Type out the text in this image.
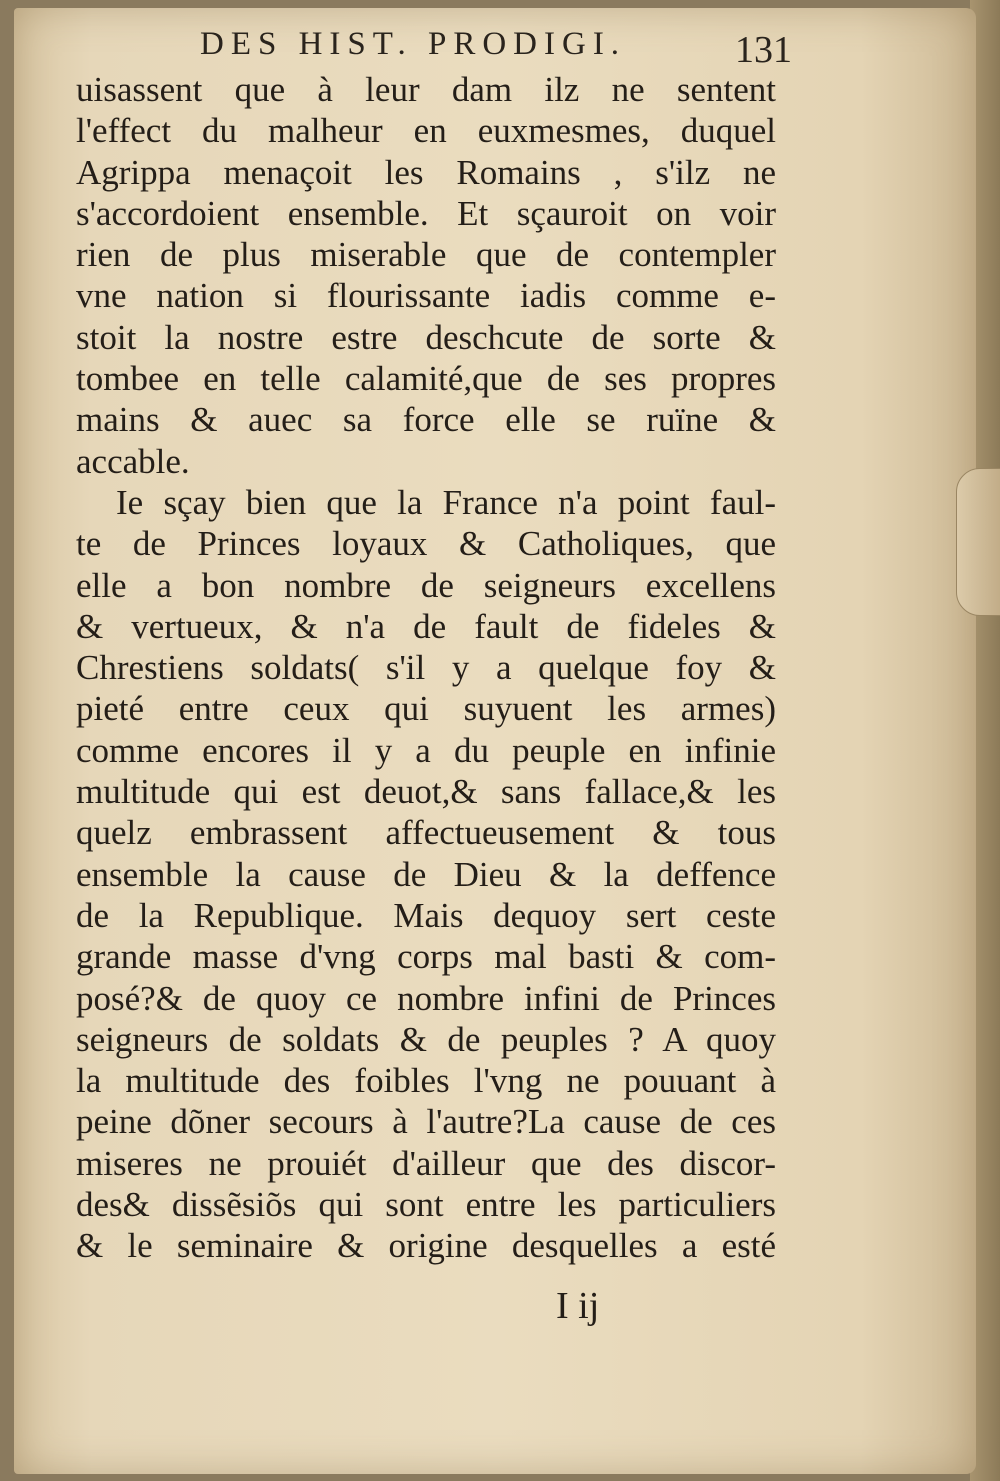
DES HIST. PRODIGI.	131
uisassent que à leur dam ilz ne sentent
l'effect du malheur en euxmesmes, duquel
Agrippa menaçoit les Romains , s'ilz ne
s'accordoient ensemble. Et sçauroit on voir
rien de plus miserable que de contempler
vne nation si flourissante iadis comme e-
stoit la nostre estre deschcute de sorte &
tombee en telle calamité,que de ses propres
mains & auec sa force elle se ruïne &
accable.
Ie sçay bien que la France n'a point faul-
te de Princes loyaux & Catholiques, que
elle a bon nombre de seigneurs excellens
& vertueux, & n'a de fault de fideles &
Chrestiens soldats( s'il y a quelque foy &
pieté entre ceux qui suyuent les armes)
comme encores il y a du peuple en infinie
multitude qui est deuot,& sans fallace,& les
quelz embrassent affectueusement & tous
ensemble la cause de Dieu & la deffence
de la Republique. Mais dequoy sert ceste
grande masse d'vng corps mal basti & com-
posé?& de quoy ce nombre infini de Princes
seigneurs de soldats & de peuples ? A quoy
la multitude des foibles l'vng ne pouuant à
peine dõner secours à l'autre?La cause de ces
miseres ne prouiét d'ailleur que des discor-
des& dissẽsiõs qui sont entre les particuliers
& le seminaire & origine desquelles a esté
I ij
